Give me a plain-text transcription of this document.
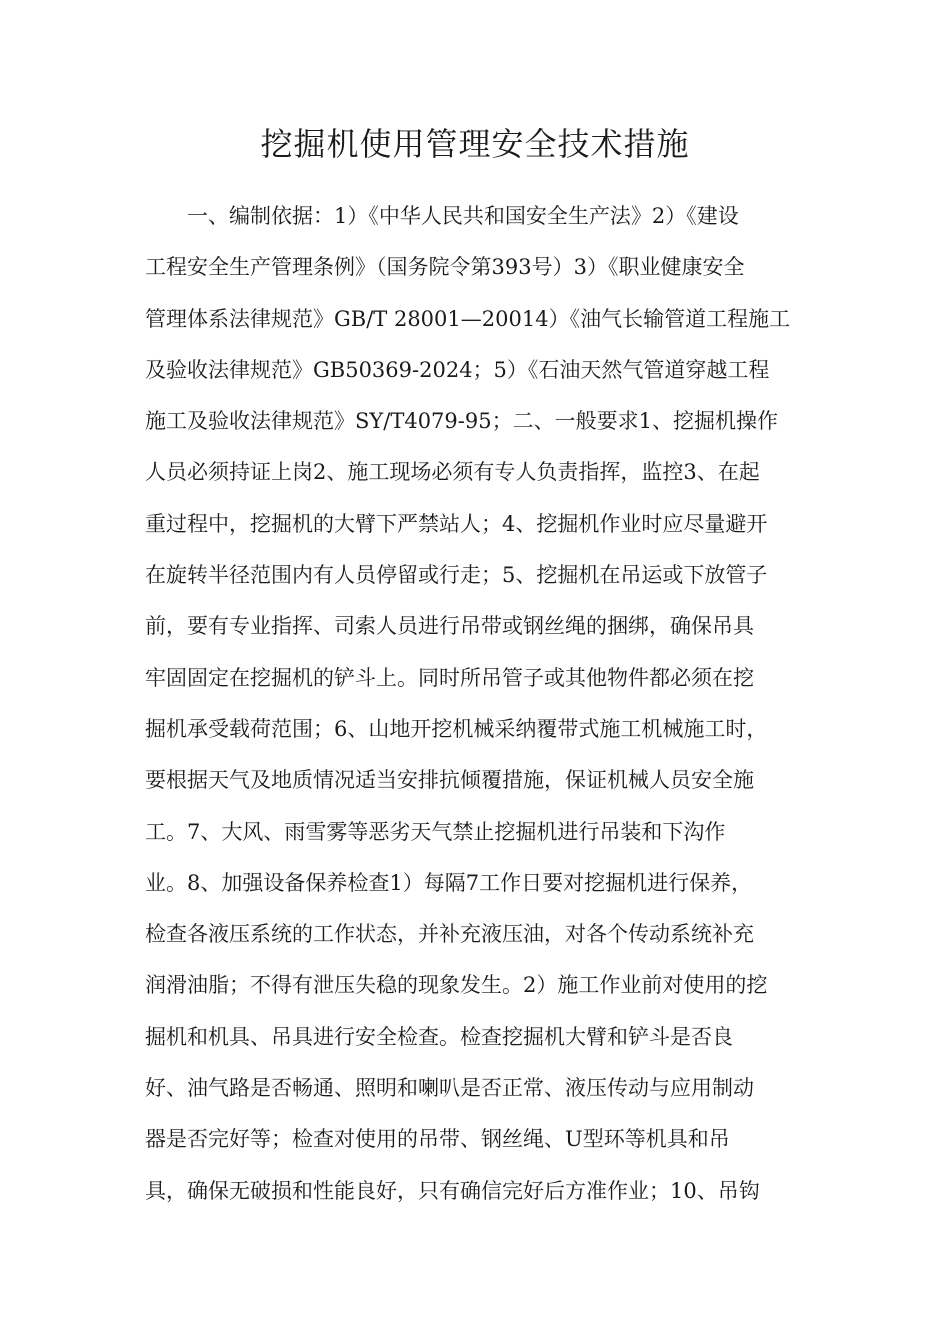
挖掘机使用管理安全技术措施
一、编制依据：1）《中华人民共和国安全生产法》2）《建设
工程安全生产管理条例》（国务院令第393号）3）《职业健康安全
管理体系法律规范》GB/T 28001—20014）《油气长输管道工程施工
及验收法律规范》GB50369-2024；5）《石油天然气管道穿越工程
施工及验收法律规范》SY/T4079-95；二、一般要求1、挖掘机操作
人员必须持证上岗2、施工现场必须有专人负责指挥，监控3、在起
重过程中，挖掘机的大臂下严禁站人；4、挖掘机作业时应尽量避开
在旋转半径范围内有人员停留或行走；5、挖掘机在吊运或下放管子
前，要有专业指挥、司索人员进行吊带或钢丝绳的捆绑，确保吊具
牢固固定在挖掘机的铲斗上。同时所吊管子或其他物件都必须在挖
掘机承受载荷范围；6、山地开挖机械采纳覆带式施工机械施工时，
要根据天气及地质情况适当安排抗倾覆措施，保证机械人员安全施
工。7、大风、雨雪雾等恶劣天气禁止挖掘机进行吊装和下沟作
业。8、加强设备保养检查1）每隔7工作日要对挖掘机进行保养，
检查各液压系统的工作状态，并补充液压油，对各个传动系统补充
润滑油脂；不得有泄压失稳的现象发生。2）施工作业前对使用的挖
掘机和机具、吊具进行安全检查。检查挖掘机大臂和铲斗是否良
好、油气路是否畅通、照明和喇叭是否正常、液压传动与应用制动
器是否完好等；检查对使用的吊带、钢丝绳、U型环等机具和吊
具，确保无破损和性能良好，只有确信完好后方准作业；10、吊钩
